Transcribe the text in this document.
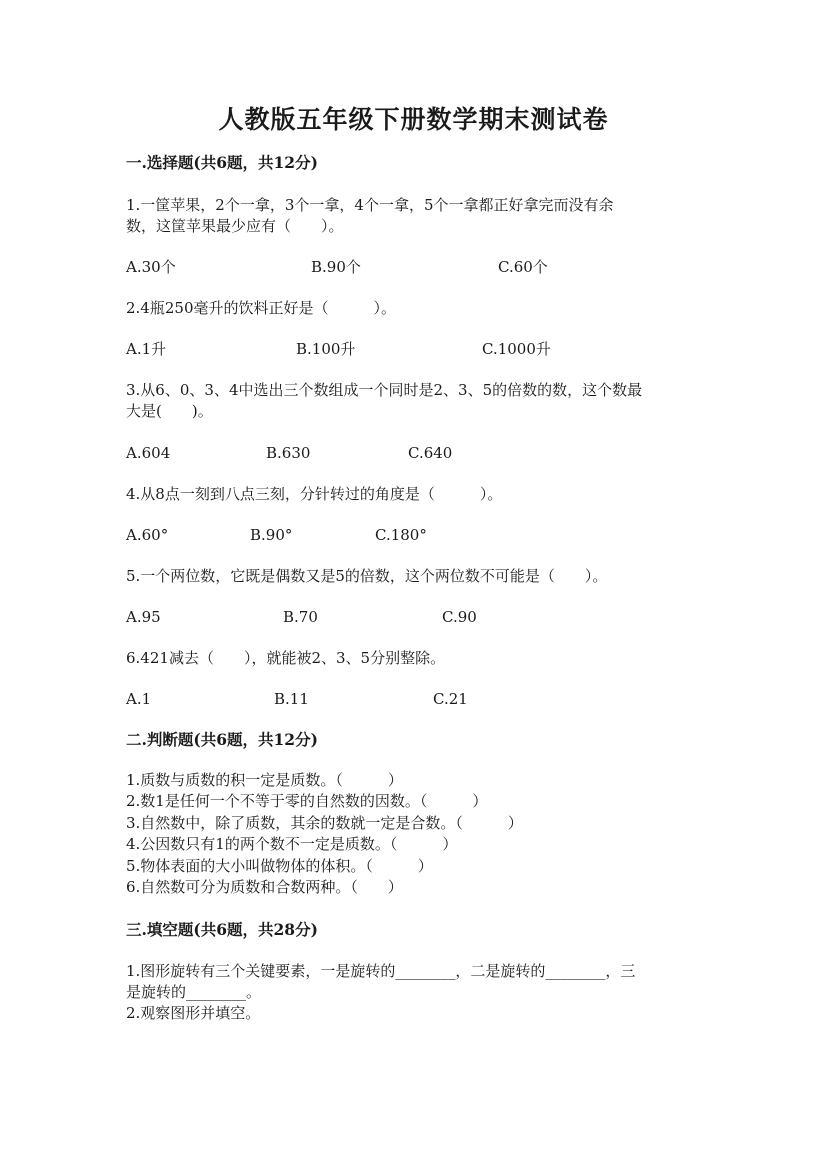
人教版五年级下册数学期末测试卷
一.选择题(共6题，共12分)
1.一筐苹果，2个一拿，3个一拿，4个一拿，5个一拿都正好拿完而没有余
数，这筐苹果最少应有（　　）。
A.30个	B.90个	C.60个
2.4瓶250毫升的饮料正好是（　　　）。
A.1升	B.100升	C.1000升
3.从6、0、3、4中选出三个数组成一个同时是2、3、5的倍数的数，这个数最
大是(　　)。
A.604	B.630	C.640
4.从8点一刻到八点三刻，分针转过的角度是（　　　）。
A.60°	B.90°	C.180°
5.一个两位数，它既是偶数又是5的倍数，这个两位数不可能是（　　）。
A.95	B.70	C.90
6.421减去（　　），就能被2、3、5分别整除。
A.1	B.11	C.21
二.判断题(共6题，共12分)
1.质数与质数的积一定是质数。（　　　）
2.数1是任何一个不等于零的自然数的因数。（　　　）
3.自然数中，除了质数，其余的数就一定是合数。（　　　）
4.公因数只有1的两个数不一定是质数。（　　　）
5.物体表面的大小叫做物体的体积。（　　　）
6.自然数可分为质数和合数两种。（　　）
三.填空题(共6题，共28分)
1.图形旋转有三个关键要素，一是旋转的________，二是旋转的________，三
是旋转的________。
2.观察图形并填空。
